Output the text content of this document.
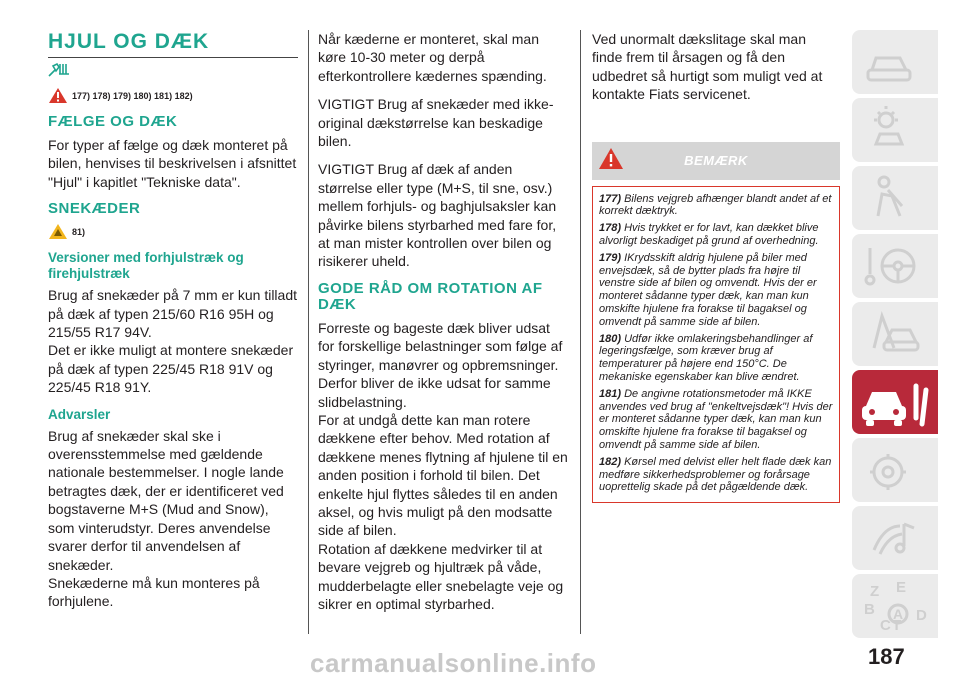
HJUL OG DÆK
177) 178) 179) 180) 181) 182)
FÆLGE OG DÆK

For typer af fælge og dæk monteret på bilen, henvises til beskrivelsen i afsnittet "Hjul" i kapitlet "Tekniske data".

SNEKÆDER
81)
Versioner med forhjulstræk og firehjulstræk

Brug af snekæder på 7 mm er kun tilladt på dæk af typen 215/60 R16 95H og 215/55 R17 94V.

Det er ikke muligt at montere snekæder på dæk af typen 225/45 R18 91V og 225/45 R18 91Y.

Advarsler

Brug af snekæder skal ske i overensstemmelse med gældende nationale bestemmelser. I nogle lande betragtes dæk, der er identificeret ved bogstaverne M+S (Mud and Snow), som vinterudstyr. Deres anvendelse svarer derfor til anvendelsen af snekæder.

Snekæderne må kun monteres på forhjulene.

Når kæderne er monteret, skal man køre 10-30 meter og derpå efterkontrollere kædernes spænding.

VIGTIGT Brug af snekæder med ikke-original dækstørrelse kan beskadige bilen.

VIGTIGT Brug af dæk af anden størrelse eller type (M+S, til sne, osv.) mellem forhjuls- og baghjulsaksler kan påvirke bilens styrbarhed med fare for, at man mister kontrollen over bilen og risikerer uheld.

GODE RÅD OM ROTATION AF DÆK

Forreste og bageste dæk bliver udsat for forskellige belastninger som følge af styringer, manøvrer og opbremsninger. Derfor bliver de ikke udsat for samme slidbelastning.

For at undgå dette kan man rotere dækkene efter behov. Med rotation af dækkene menes flytning af hjulene til en anden position i forhold til bilen. Det enkelte hjul flyttes således til en anden aksel, og hvis muligt på den modsatte side af bilen.

Rotation af dækkene medvirker til at bevare vejgreb og hjultræk på våde, mudderbelagte eller snebelagte veje og sikrer en optimal styrbarhed.

Ved unormalt dækslitage skal man finde frem til årsagen og få den udbedret så hurtigt som muligt ved at kontakte Fiats servicenet.

BEMÆRK

177) Bilens vejgreb afhænger blandt andet af et korrekt dæktryk.

178) Hvis trykket er for lavt, kan dækket blive alvorligt beskadiget på grund af overhedning.

179) IKrydsskift aldrig hjulene på biler med envejsdæk, så de bytter plads fra højre til venstre side af bilen og omvendt. Hvis der er monteret sådanne typer dæk, kan man kun omskifte hjulene fra forakse til bagaksel og omvendt på samme side af bilen.

180) Udfør ikke omlakeringsbehandlinger af legeringsfælge, som kræver brug af temperaturer på højere end 150°C. De mekaniske egenskaber kan blive ændret.

181) De angivne rotationsmetoder må IKKE anvendes ved brug af "enkeltvejsdæk"! Hvis der er monteret sådanne typer dæk, kan man kun omskifte hjulene fra forakse til bagaksel og omvendt på samme side af bilen.

182) Kørsel med delvist eller helt flade dæk kan medføre sikkerhedsproblemer og forårsage uoprettelig skade på det pågældende dæk.

Z E
B
C T
D
A
187
carmanualsonline.info
